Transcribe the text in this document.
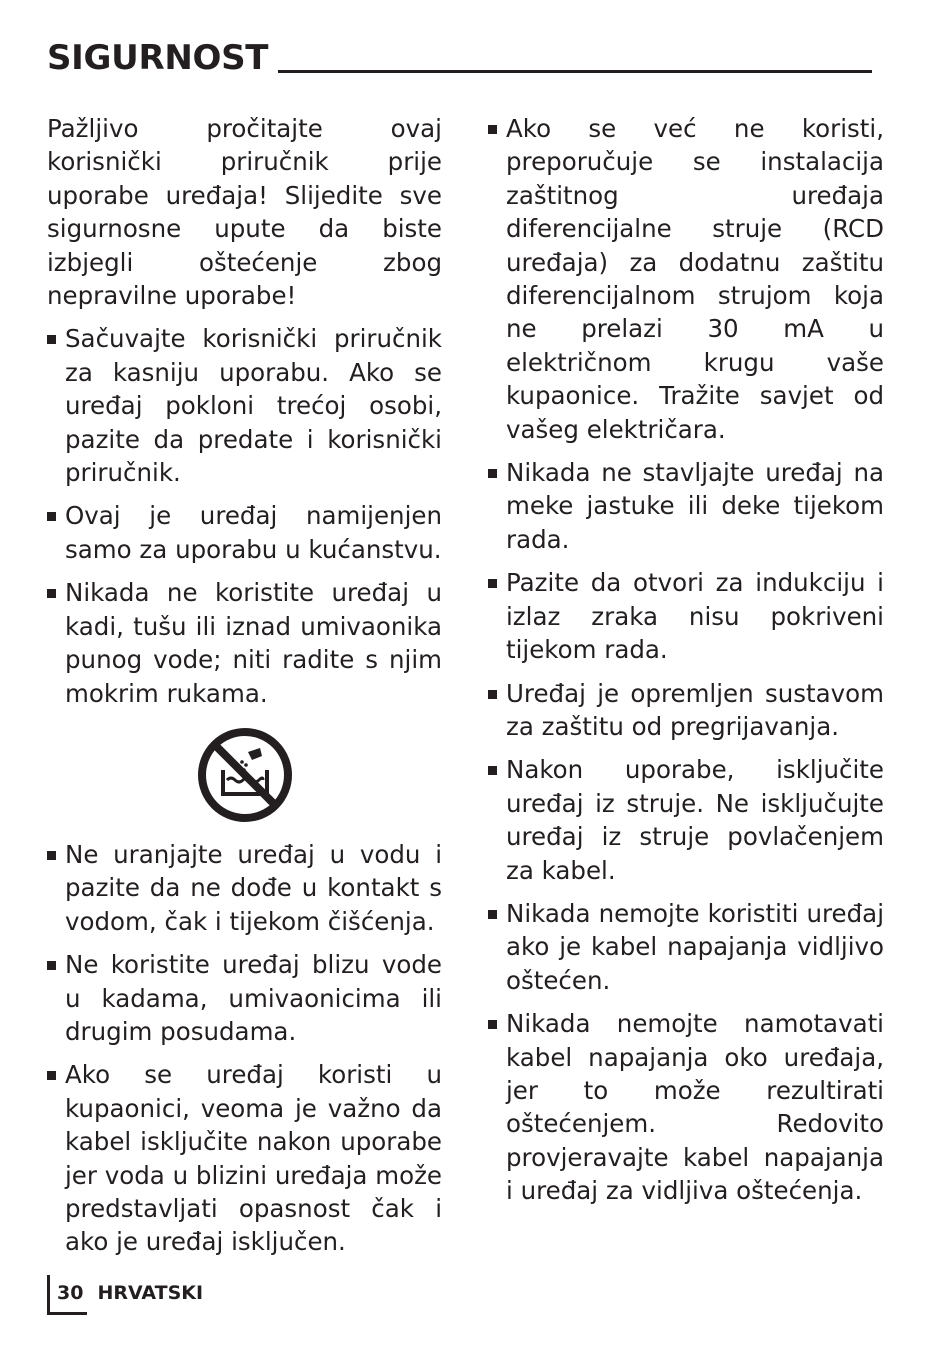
SIGURNOST

Pažljivo pročitajte ovaj korisnički priručnik prije uporabe uređaja! Slijedite sve sigurnosne upute da biste izbjegli oštećenje zbog nepravilne uporabe!

Sačuvajte korisnički priručnik za kasniju uporabu. Ako se uređaj pokloni trećoj osobi, pazite da predate i korisnički priručnik.

Ovaj je uređaj namijenjen samo za uporabu u kućanstvu.

Nikada ne koristite uređaj u kadi, tušu ili iznad umivaonika punog vode; niti radite s njim mokrim rukama.

Ne uranjajte uređaj u vodu i pazite da ne dođe u kontakt s vodom, čak i tijekom čišćenja.

Ne koristite uređaj blizu vode u kadama, umivaonicima ili drugim posudama.

Ako se uređaj koristi u kupaonici, veoma je važno da kabel isključite nakon uporabe jer voda u blizini uređaja može predstavljati opasnost čak i ako je uređaj isključen.

Ako se već ne koristi, preporučuje se instalacija zaštitnog uređaja diferencijalne struje (RCD uređaja) za dodatnu zaštitu diferencijalnom strujom koja ne prelazi 30 mA u električnom krugu vaše kupaonice. Tražite savjet od vašeg električara.

Nikada ne stavljajte uređaj na meke jastuke ili deke tijekom rada.

Pazite da otvori za indukciju i izlaz zraka nisu pokriveni tijekom rada.

Uređaj je opremljen sustavom za zaštitu od pregrijavanja.

Nakon uporabe, isključite uređaj iz struje. Ne isključujte uređaj iz struje povlačenjem za kabel.

Nikada nemojte koristiti uređaj ako je kabel napajanja vidljivo oštećen.

Nikada nemojte namotavati kabel napajanja oko uređaja, jer to može rezultirati oštećenjem. Redovito provjeravajte kabel napajanja i uređaj za vidljiva oštećenja.

30 HRVATSKI
